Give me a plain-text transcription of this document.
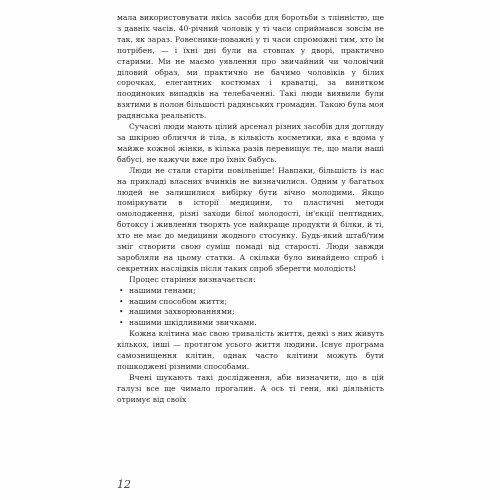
мала використовувати якісь засоби для боротьби з тлінністю, ще з давніх часів. 40-річний чоловік у ті часи сприймався зовсім не так, як зараз. Ровесники-поважні у ті часи спроможні тим, хто їм потрібен, — і їхні дні були на стовпах у дворі, практично старими. Ми не маємо уявлення про звичайний чи чоловічий діловий образ, ми практично не бачимо чоловіків у білих сорочках, елегантних костюмах і краватці, за винятком поодиноких випадків на телебаченні. Такі люди виявили були взятими в полон більшості радянських громадян. Такою була моя радянська реальність.

Сучасні люди мають цілий арсенал різних засобів для догляду за шкірою обличчя й тіла, в кількість косметики, яка є вдома у майже кожної жінки, в кілька разів перевищує те, що мали наші бабусі, не кажучи вже про їхніх бабусь.

Люди не стали старіти повільніше! Навпаки, більшість із нас на прикладі власних вчинків не визначилися. Одним у багатьох людей не залишилися вибірку бути вічно молодими. Якщо поміркувати в історії медицини, то пластичні методи омолодження, різні заходи білої молодості, ін'єкції пептидних, ботоксу і живлення творять усе найкраще продукти й білки, й ті, хто не має до медицини жодного стосунку. Будь-який штаб/тим зміг створити свою суміш помаді від старості. Люди завжди заробляли на цьому статки. А скільки було винайдено спроб і секретних наслідків після таких спроб зберегти молодість!

Процес старіння визначається:

• нашими генами;
• нашим способом життя;
• нашими захворюваннями;
• нашими шкідливими звичками.

Кожна клітина має свою тривалість життя, деякі з них живуть кількох, інші — протягом усього життя людини. Існує програма самознищення клітин, однак часто клітини можуть бути пошкоджені різними способами.

Вчені шукають такі дослідження, аби визначити, що в цій галузі все ще чимало прогалин. А ось ті гени, які діяльність отримує від своїх

12
